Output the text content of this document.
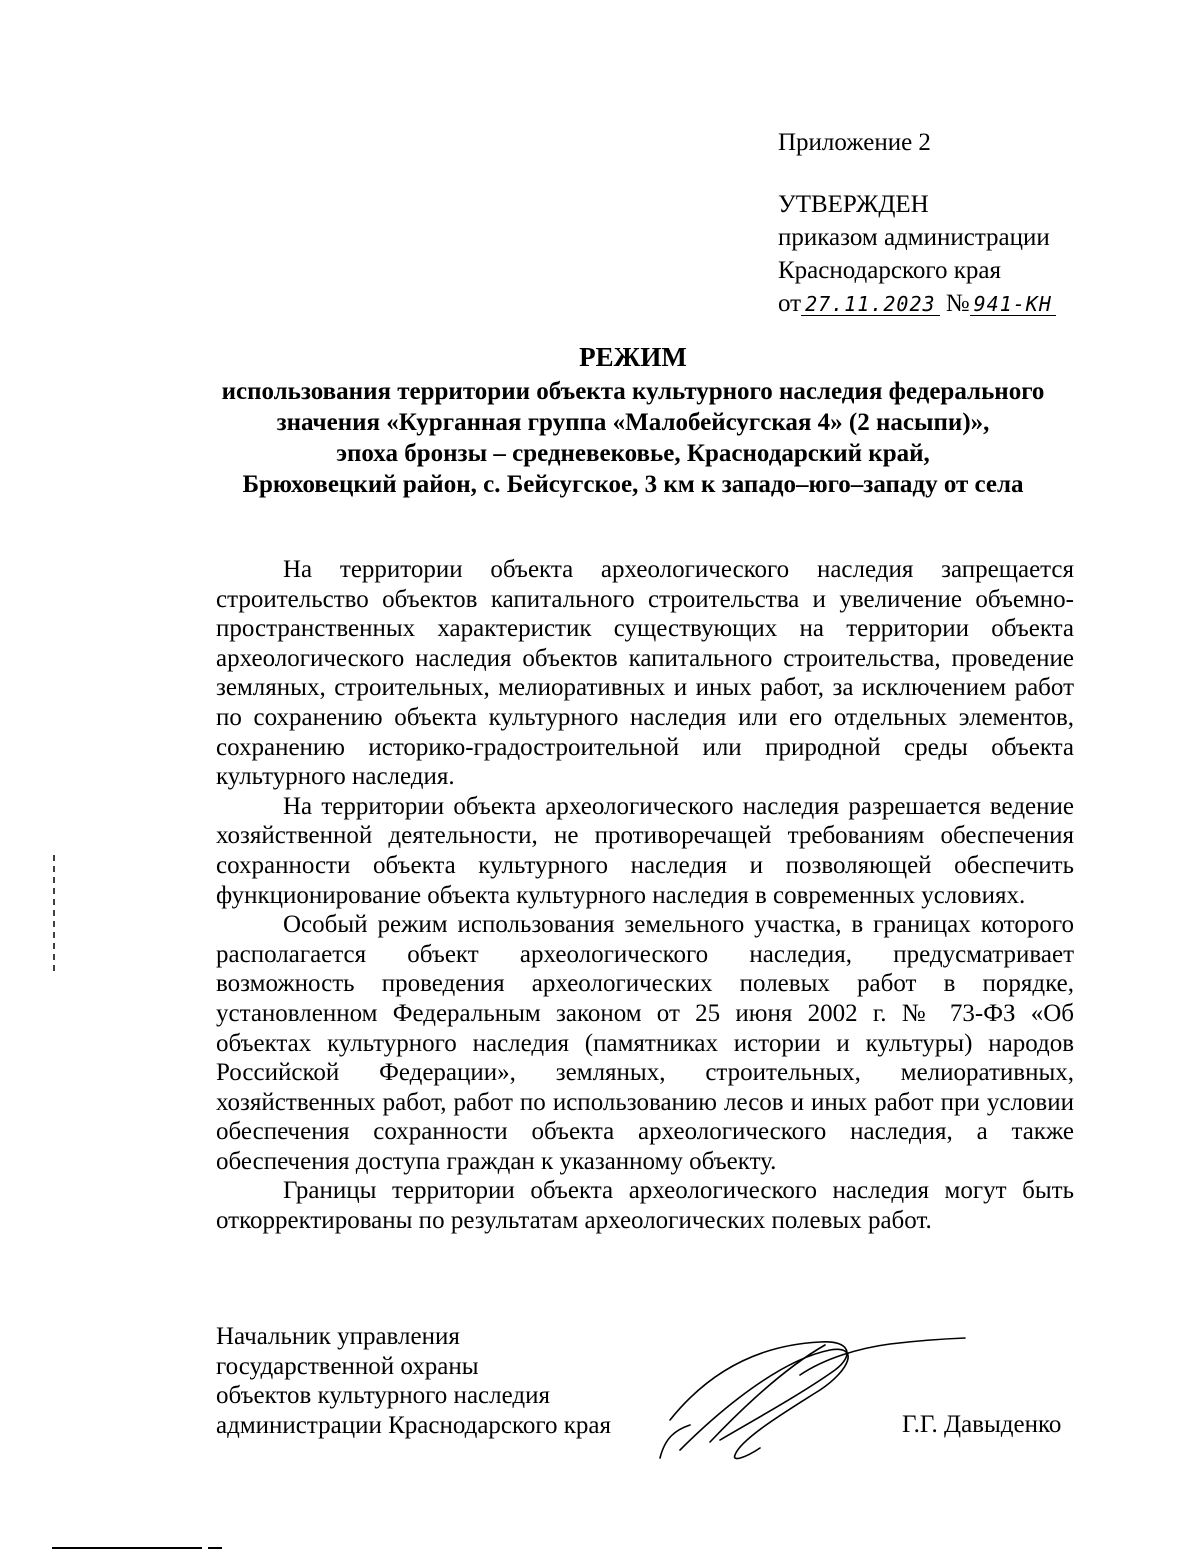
Приложение 2
УТВЕРЖДЕН
приказом администрации
Краснодарского края
от 27.11.2023 № 941-КН
РЕЖИМ
использования территории объекта культурного наследия федерального
значения «Курганная группа «Малобейсугская 4» (2 насыпи)»,
эпоха бронзы – средневековье, Краснодарский край,
Брюховецкий район, с. Бейсугское, 3 км к западо–юго–западу от села

На территории объекта археологического наследия запрещается строительство объектов капитального строительства и увеличение объемно-пространственных характеристик существующих на территории объекта археологического наследия объектов капитального строительства, проведение земляных, строительных, мелиоративных и иных работ, за исключением работ по сохранению объекта культурного наследия или его отдельных элементов, сохранению историко-градостроительной или природной среды объекта культурного наследия.

На территории объекта археологического наследия разрешается ведение хозяйственной деятельности, не противоречащей требованиям обеспечения сохранности объекта культурного наследия и позволяющей обеспечить функционирование объекта культурного наследия в современных условиях.

Особый режим использования земельного участка, в границах которого располагается объект археологического наследия, предусматривает возможность проведения археологических полевых работ в порядке, установленном Федеральным законом от 25 июня 2002 г. № 73-ФЗ «Об объектах культурного наследия (памятниках истории и культуры) народов Российской Федерации», земляных, строительных, мелиоративных, хозяйственных работ, работ по использованию лесов и иных работ при условии обеспечения сохранности объекта археологического наследия, а также обеспечения доступа граждан к указанному объекту.

Границы территории объекта археологического наследия могут быть откорректированы по результатам археологических полевых работ.

Начальник управления
государственной охраны
объектов культурного наследия
администрации Краснодарского края	Г.Г. Давыденко
